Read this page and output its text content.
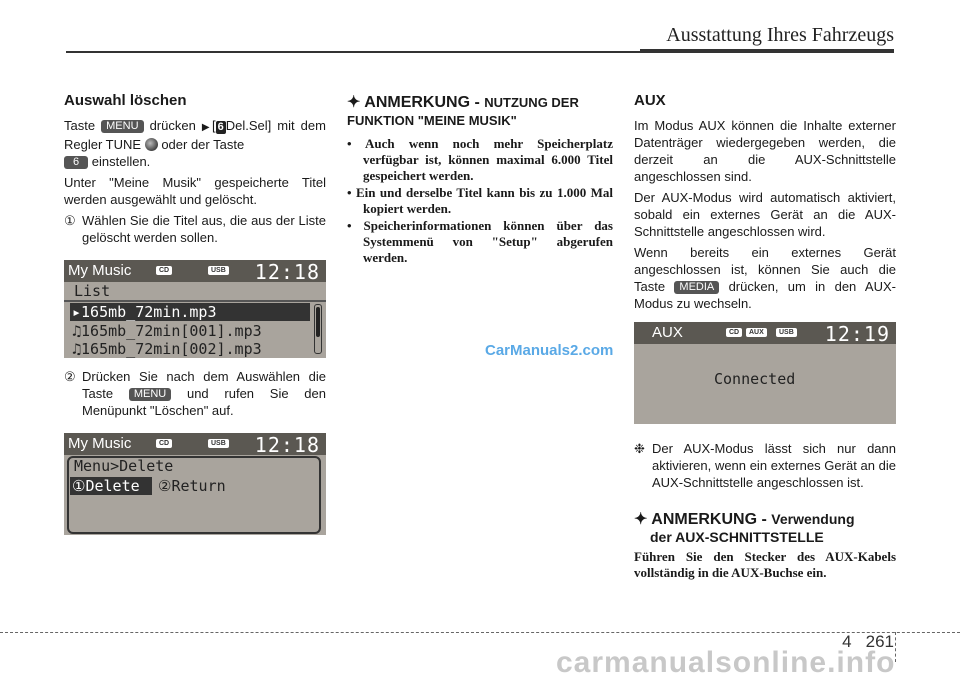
Ausstattung Ihres Fahrzeugs
Auswahl löschen

Taste MENU drücken ▶[ 6 Del.Sel] mit dem Regler TUNE oder der Taste
6 einstellen.

Unter "Meine Musik" gespeicherte Titel werden ausgewählt und gelöscht.

① Wählen Sie die Titel aus, die aus der Liste gelöscht werden sollen.
My Music	CD	USB 12:18
List
▸165mb_72min.mp3
♫165mb_72min[001].mp3
♫165mb_72min[002].mp3
② Drücken Sie nach dem Auswählen die Taste MENU und rufen Sie den Menüpunkt "Löschen" auf.
My Music	CD	USB 12:18
Menu>Delete
①Delete ②Return
✦ ANMERKUNG - NUTZUNG DER FUNKTION "MEINE MUSIK"
• Auch wenn noch mehr Speicherplatz verfügbar ist, können maximal 6.000 Titel gespeichert werden.
• Ein und derselbe Titel kann bis zu 1.000 Mal kopiert werden.
• Speicherinformationen können über das Systemmenü von "Setup" abgerufen werden.
AUX

Im Modus AUX können die Inhalte externer Datenträger wiedergegeben werden, die derzeit an die AUX-Schnittstelle angeschlossen sind.

Der AUX-Modus wird automatisch aktiviert, sobald ein externes Gerät an die AUX-Schnittstelle angeschlossen wird.

Wenn bereits ein externes Gerät angeschlossen ist, können Sie auch die Taste MEDIA drücken, um in den AUX-Modus zu wechseln.

AUX	CD	AUX	USB 12:19
Connected
❉ Der AUX-Modus lässt sich nur dann aktivieren, wenn ein externes Gerät an die AUX-Schnittstelle angeschlossen ist.
✦ ANMERKUNG - Verwendung
der AUX-SCHNITTSTELLE

Führen Sie den Stecker des AUX-Kabels vollständig in die AUX-Buchse ein.

CarManuals2.com
4 261
carmanualsonline.info
